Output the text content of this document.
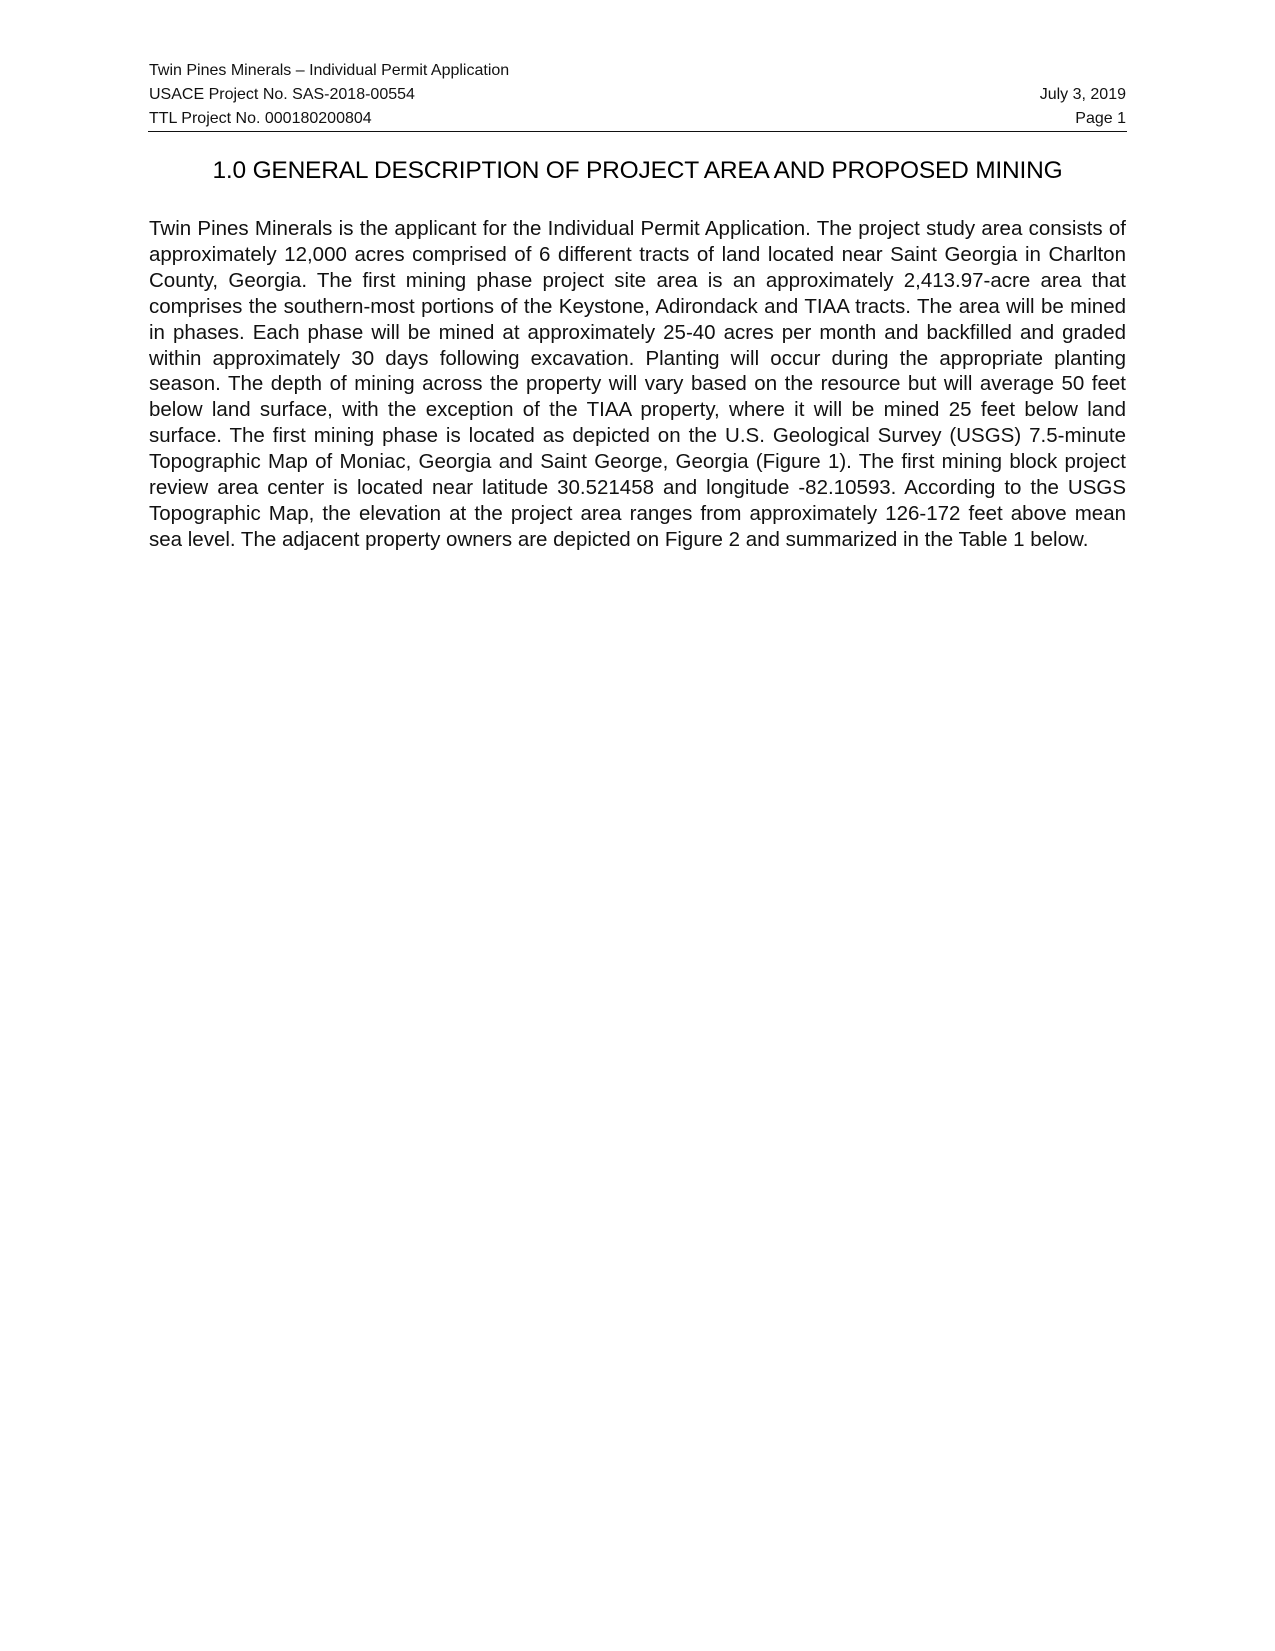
Twin Pines Minerals – Individual Permit Application
USACE Project No. SAS-2018-00554	July 3, 2019
TTL Project No. 000180200804	Page 1
1.0 GENERAL DESCRIPTION OF PROJECT AREA AND PROPOSED MINING

Twin Pines Minerals is the applicant for the Individual Permit Application. The project study area consists of approximately 12,000 acres comprised of 6 different tracts of land located near Saint Georgia in Charlton County, Georgia. The first mining phase project site area is an approximately 2,413.97-acre area that comprises the southern-most portions of the Keystone, Adirondack and TIAA tracts. The area will be mined in phases. Each phase will be mined at approximately 25-40 acres per month and backfilled and graded within approximately 30 days following excavation. Planting will occur during the appropriate planting season. The depth of mining across the property will vary based on the resource but will average 50 feet below land surface, with the exception of the TIAA property, where it will be mined 25 feet below land surface. The first mining phase is located as depicted on the U.S. Geological Survey (USGS) 7.5-minute Topographic Map of Moniac, Georgia and Saint George, Georgia (Figure 1). The first mining block project review area center is located near latitude 30.521458 and longitude -82.10593. According to the USGS Topographic Map, the elevation at the project area ranges from approximately 126-172 feet above mean sea level. The adjacent property owners are depicted on Figure 2 and summarized in the Table 1 below.
